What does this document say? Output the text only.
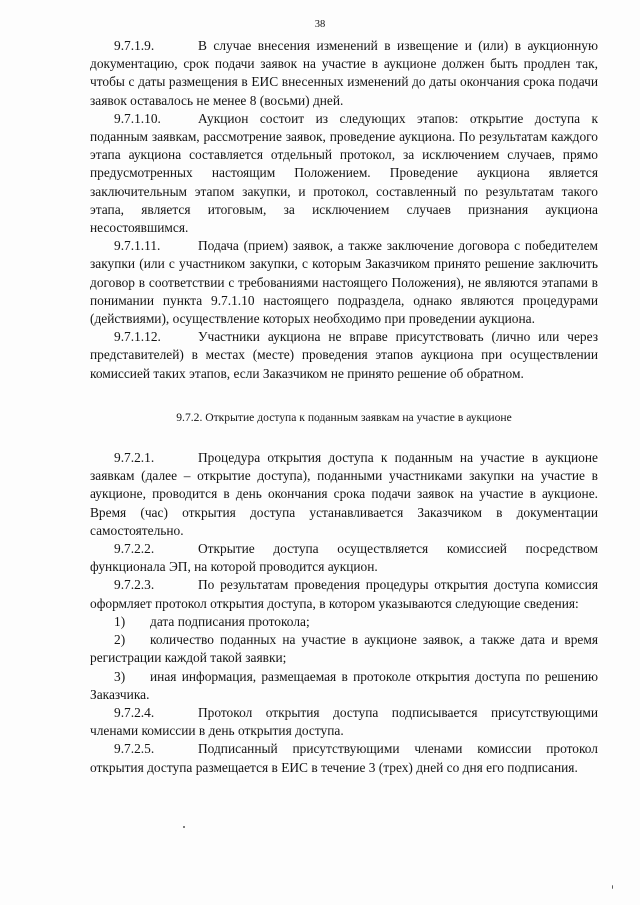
38

9.7.1.9.	В случае внесения изменений в извещение и (или) в аукционную документацию, срок подачи заявок на участие в аукционе должен быть продлен так, чтобы с даты размещения в ЕИС внесенных изменений до даты окончания срока подачи заявок оставалось не менее 8 (восьми) дней.

9.7.1.10.	Аукцион состоит из следующих этапов: открытие доступа к поданным заявкам, рассмотрение заявок, проведение аукциона. По результатам каждого этапа аукциона составляется отдельный протокол, за исключением случаев, прямо предусмотренных настоящим Положением. Проведение аукциона является заключительным этапом закупки, и протокол, составленный по результатам такого этапа, является итоговым, за исключением случаев признания аукциона несостоявшимся.

9.7.1.11.	Подача (прием) заявок, а также заключение договора с победителем закупки (или с участником закупки, с которым Заказчиком принято решение заключить договор в соответствии с требованиями настоящего Положения), не являются этапами в понимании пункта 9.7.1.10 настоящего подраздела, однако являются процедурами (действиями), осуществление которых необходимо при проведении аукциона.

9.7.1.12.	Участники аукциона не вправе присутствовать (лично или через представителей) в местах (месте) проведения этапов аукциона при осуществлении комиссией таких этапов, если Заказчиком не принято решение об обратном.

9.7.2. Открытие доступа к поданным заявкам на участие в аукционе

9.7.2.1.	Процедура открытия доступа к поданным на участие в аукционе заявкам (далее – открытие доступа), поданными участниками закупки на участие в аукционе, проводится в день окончания срока подачи заявок на участие в аукционе. Время (час) открытия доступа устанавливается Заказчиком в документации самостоятельно.

9.7.2.2.	Открытие доступа осуществляется комиссией посредством функционала ЭП, на которой проводится аукцион.

9.7.2.3.	По результатам проведения процедуры открытия доступа комиссия оформляет протокол открытия доступа, в котором указываются следующие сведения:

1) дата подписания протокола;

2) количество поданных на участие в аукционе заявок, а также дата и время регистрации каждой такой заявки;

3) иная информация, размещаемая в протоколе открытия доступа по решению Заказчика.

9.7.2.4.	Протокол открытия доступа подписывается присутствующими членами комиссии в день открытия доступа.

9.7.2.5.	Подписанный присутствующими членами комиссии протокол открытия доступа размещается в ЕИС в течение 3 (трех) дней со дня его подписания.
